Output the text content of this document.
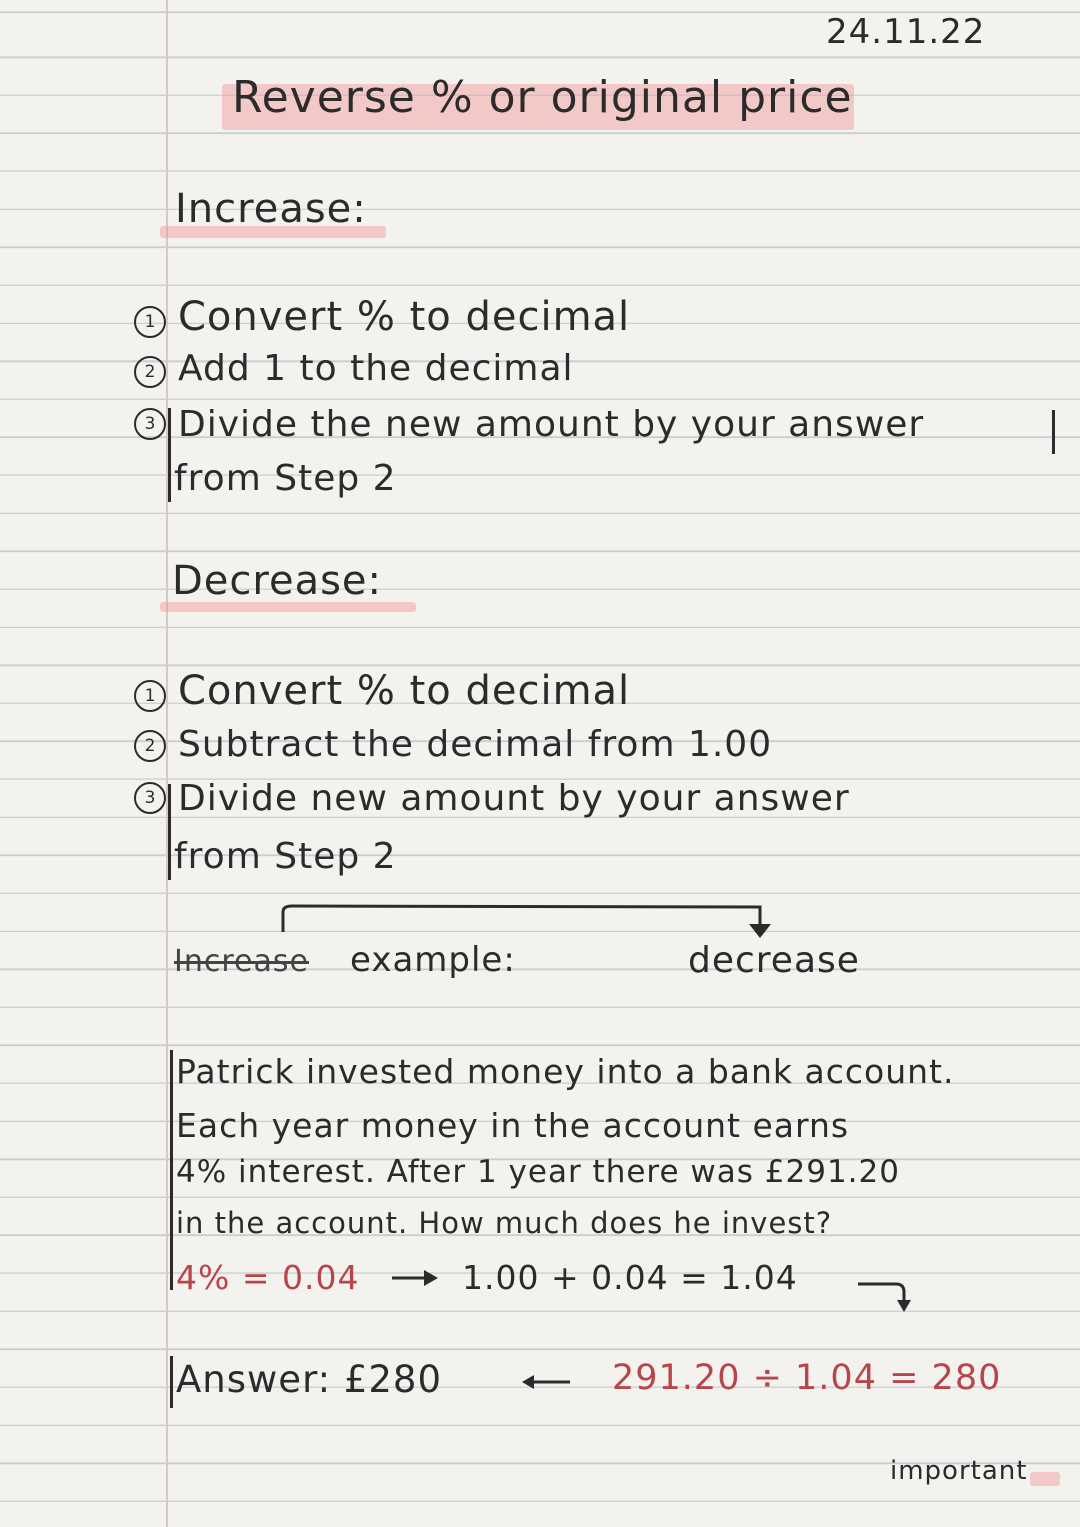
24.11.22
Reverse % or original price
Increase:
1 Convert % to decimal
2 Add 1 to the decimal
3 Divide the new amount by your answer
from Step 2
Decrease:
1 Convert % to decimal
2 Subtract the decimal from 1.00
3 Divide new amount by your answer
from Step 2
Increase example:	decrease
Patrick invested money into a bank account.
Each year money in the account earns
4% interest. After 1 year there was £291.20
in the account. How much does he invest?
4% = 0.04	1.00 + 0.04 = 1.04
Answer: £280	291.20 ÷ 1.04 = 280
important
